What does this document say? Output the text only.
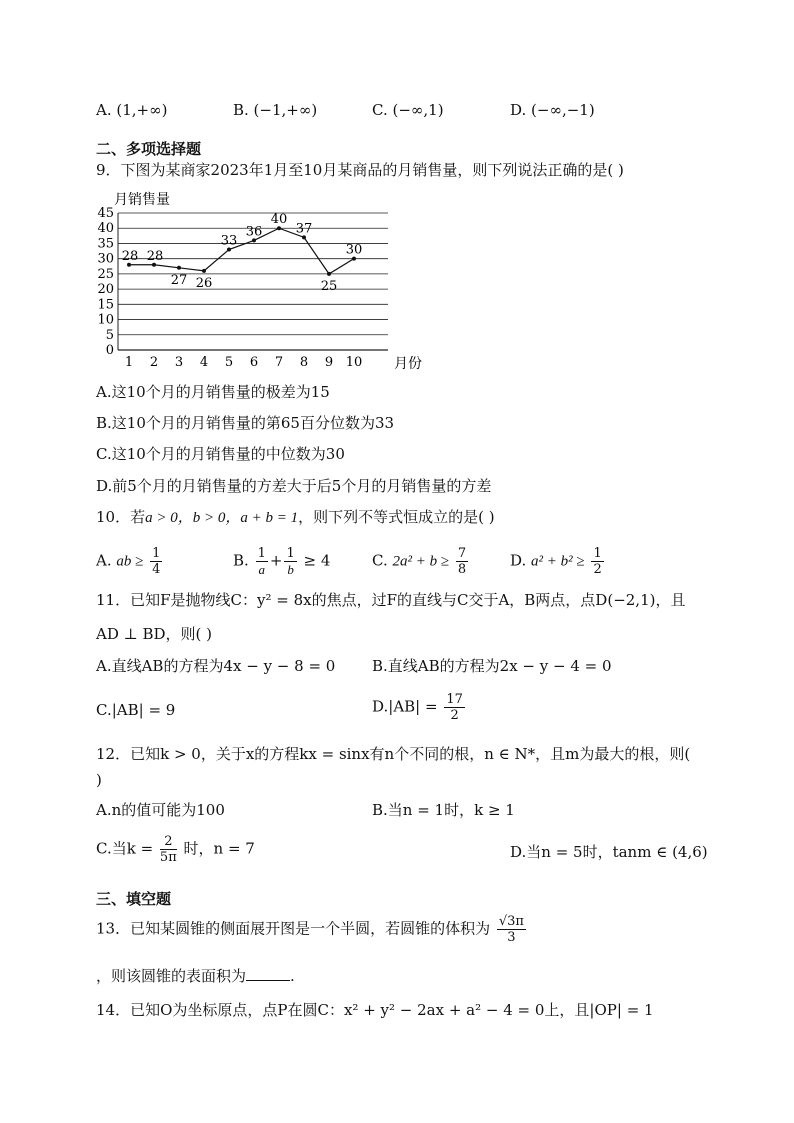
A. (1,+∞)	B. (−1,+∞)	C. (−∞,1)	D. (−∞,−1)
二、多项选择题
9．下图为某商家2023年1月至10月某商品的月销售量，则下列说法正确的是( )
月销售量
月份
0
5
10
15
20
25
30
35
40
45
1 2 3 4 5 6 7 8 9 10
28 28
27 26
33
36
40
37
25
30
A.这10个月的月销售量的极差为15
B.这10个月的月销售量的第65百分位数为33
C.这10个月的月销售量的中位数为30
D.前5个月的月销售量的方差大于后5个月的月销售量的方差
10．若a > 0，b > 0，a + b = 1，则下列不等式恒成立的是( )
A. ab ≥ $\frac{1}{4}$	B. $\frac{1}{a} + \frac{1}{b} \ge 4$	C. $2a^2 + b \ge \frac{7}{8}$	D. $a^2 + b^2 \ge \frac{1}{2}$
11．已知F是抛物线C：y² = 8x的焦点，过F的直线与C交于A，B两点，点D(−2,1)，且
AD ⊥ BD，则( )
A.直线AB的方程为4x − y − 8 = 0 B.直线AB的方程为2x − y − 4 = 0
C.|AB| = 9	$D.|AB| = \frac{17}{2}$
12．已知k > 0，关于x的方程kx = sinx有n个不同的根，n ∈ N*，且m为最大的根，则(
)
A.n的值可能为100	B.当n = 1时，k ≥ 1
C.当$k = \frac{2}{5\pi}$ 时，n = 7	D.当n = 5时，tanm ∈ (4,6)
三、填空题
13．已知某圆锥的侧面展开图是一个半圆，若圆锥的体积为 $\frac{√3\pi}{3}$
，则该圆锥的表面积为	.
14．已知O为坐标原点，点P在圆C：x² + y² − 2ax + a² − 4 = 0上，且|OP| = 1
